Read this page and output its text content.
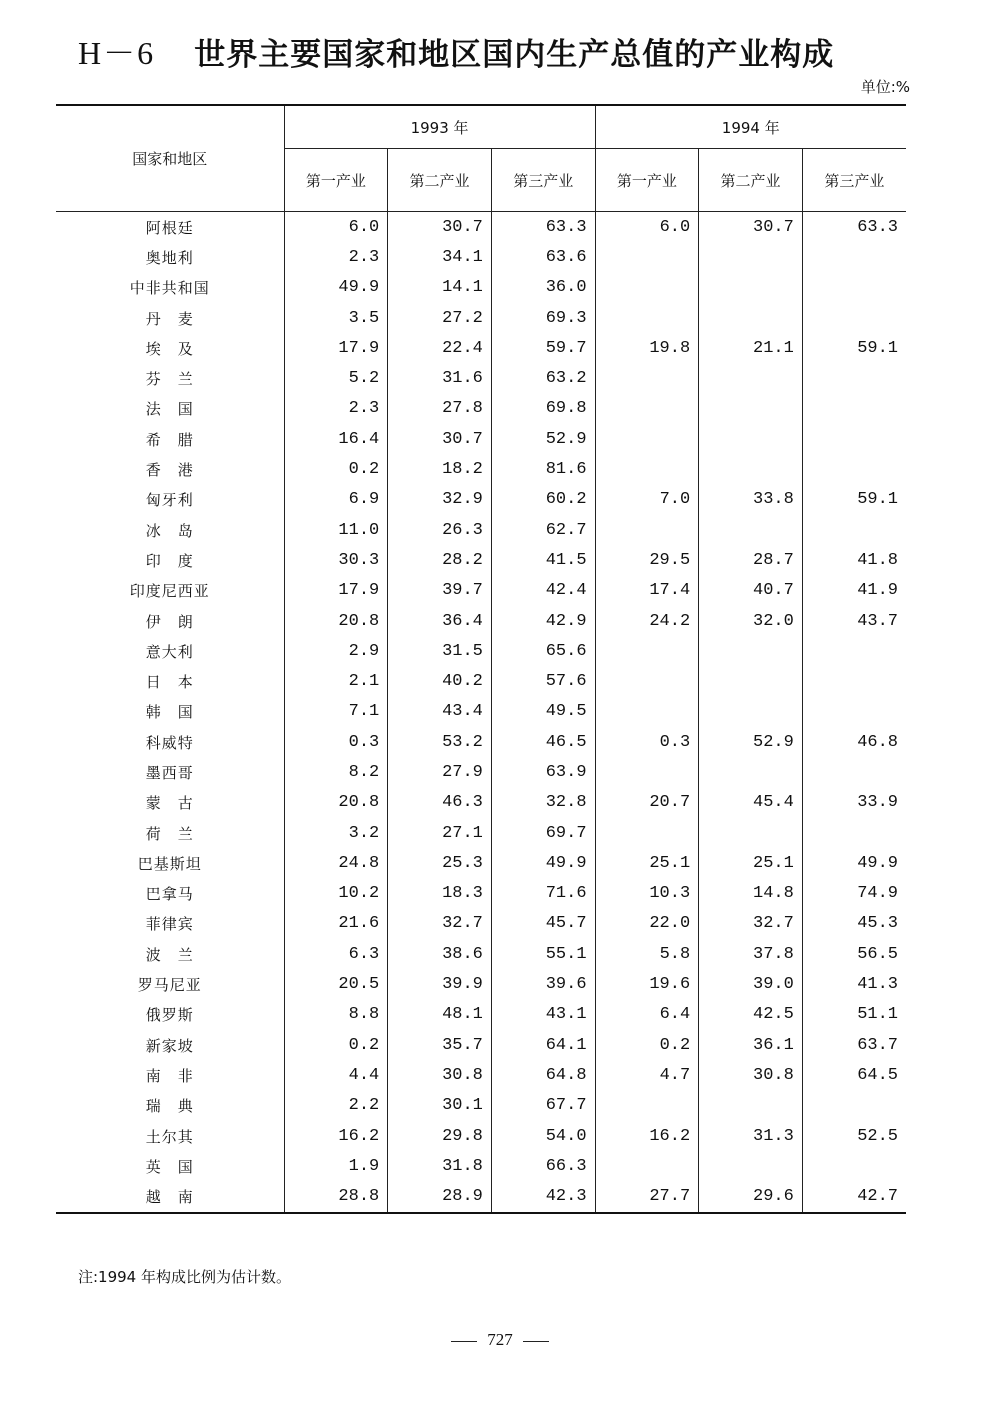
H－6 世界主要国家和地区国内生产总值的产业构成
单位:%
国家和地区	1993 年			1994 年		
	第一产业	第二产业	第三产业	第一产业	第二产业	第三产业
阿根廷	6.0	30.7	63.3	6.0	30.7	63.3
奥地利	2.3	34.1	63.6			
中非共和国	49.9	14.1	36.0			
丹　麦	3.5	27.2	69.3			
埃　及	17.9	22.4	59.7	19.8	21.1	59.1
芬　兰	5.2	31.6	63.2			
法　国	2.3	27.8	69.8			
希　腊	16.4	30.7	52.9			
香　港	0.2	18.2	81.6			
匈牙利	6.9	32.9	60.2	7.0	33.8	59.1
冰　岛	11.0	26.3	62.7			
印　度	30.3	28.2	41.5	29.5	28.7	41.8
印度尼西亚	17.9	39.7	42.4	17.4	40.7	41.9
伊　朗	20.8	36.4	42.9	24.2	32.0	43.7
意大利	2.9	31.5	65.6			
日　本	2.1	40.2	57.6			
韩　国	7.1	43.4	49.5			
科威特	0.3	53.2	46.5	0.3	52.9	46.8
墨西哥	8.2	27.9	63.9			
蒙　古	20.8	46.3	32.8	20.7	45.4	33.9
荷　兰	3.2	27.1	69.7			
巴基斯坦	24.8	25.3	49.9	25.1	25.1	49.9
巴拿马	10.2	18.3	71.6	10.3	14.8	74.9
菲律宾	21.6	32.7	45.7	22.0	32.7	45.3
波　兰	6.3	38.6	55.1	5.8	37.8	56.5
罗马尼亚	20.5	39.9	39.6	19.6	39.0	41.3
俄罗斯	8.8	48.1	43.1	6.4	42.5	51.1
新家坡	0.2	35.7	64.1	0.2	36.1	63.7
南　非	4.4	30.8	64.8	4.7	30.8	64.5
瑞　典	2.2	30.1	67.7			
土尔其	16.2	29.8	54.0	16.2	31.3	52.5
英　国	1.9	31.8	66.3			
越　南	28.8	28.9	42.3	27.7	29.6	42.7
注:1994 年构成比例为估计数。
727
